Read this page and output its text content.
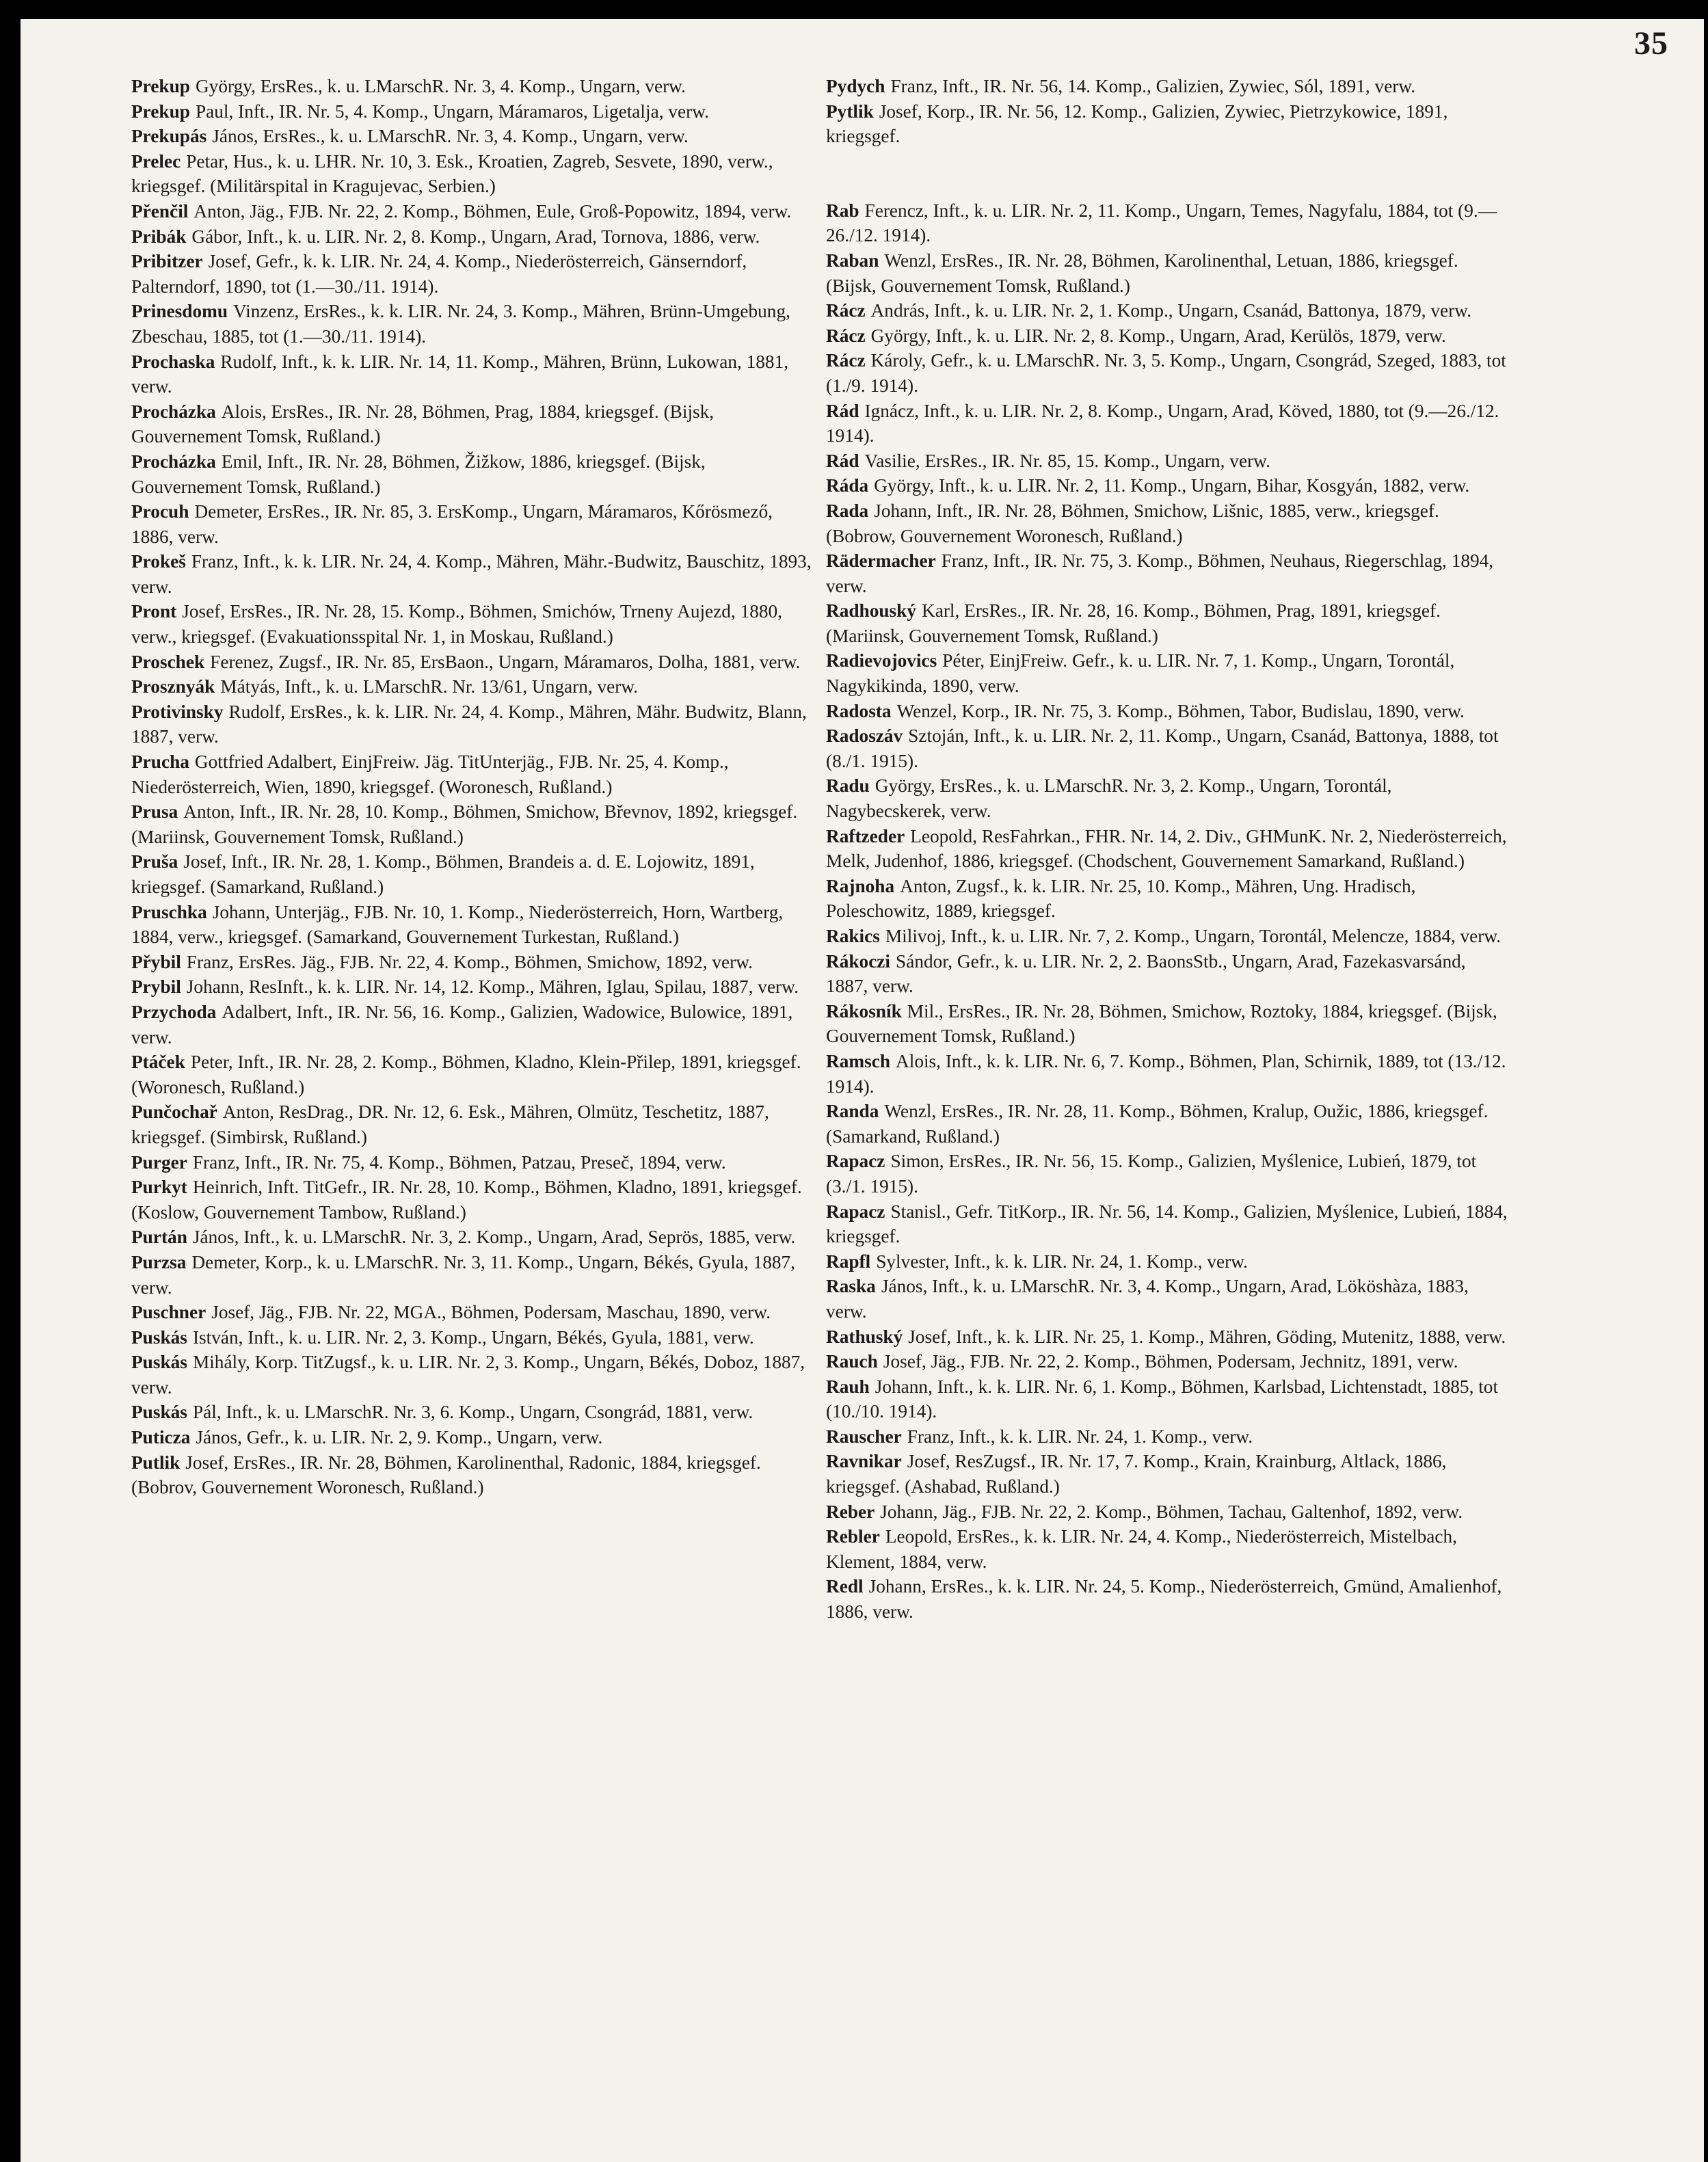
35

Prekup György, ErsRes., k. u. LMarschR. Nr. 3, 4. Komp., Ungarn, verw.

Prekup Paul, Inft., IR. Nr. 5, 4. Komp., Ungarn, Máramaros, Ligetalja, verw.

Prekupás János, ErsRes., k. u. LMarschR. Nr. 3, 4. Komp., Ungarn, verw.

Prelec Petar, Hus., k. u. LHR. Nr. 10, 3. Esk., Kroatien, Zagreb, Sesvete, 1890, verw., kriegsgef. (Militärspital in Kragujevac, Serbien.)

Přenčil Anton, Jäg., FJB. Nr. 22, 2. Komp., Böhmen, Eule, Groß-Popowitz, 1894, verw.

Pribák Gábor, Inft., k. u. LIR. Nr. 2, 8. Komp., Ungarn, Arad, Tornova, 1886, verw.

Pribitzer Josef, Gefr., k. k. LIR. Nr. 24, 4. Komp., Niederösterreich, Gänserndorf, Palterndorf, 1890, tot (1.—30./11. 1914).

Prinesdomu Vinzenz, ErsRes., k. k. LIR. Nr. 24, 3. Komp., Mähren, Brünn-Umgebung, Zbeschau, 1885, tot (1.—30./11. 1914).

Prochaska Rudolf, Inft., k. k. LIR. Nr. 14, 11. Komp., Mähren, Brünn, Lukowan, 1881, verw.

Procházka Alois, ErsRes., IR. Nr. 28, Böhmen, Prag, 1884, kriegsgef. (Bijsk, Gouvernement Tomsk, Rußland.)

Procházka Emil, Inft., IR. Nr. 28, Böhmen, Žižkow, 1886, kriegsgef. (Bijsk, Gouvernement Tomsk, Rußland.)

Procuh Demeter, ErsRes., IR. Nr. 85, 3. ErsKomp., Ungarn, Máramaros, Kőrösmező, 1886, verw.

Prokeš Franz, Inft., k. k. LIR. Nr. 24, 4. Komp., Mähren, Mähr.-Budwitz, Bauschitz, 1893, verw.

Pront Josef, ErsRes., IR. Nr. 28, 15. Komp., Böhmen, Smichów, Trneny Aujezd, 1880, verw., kriegsgef. (Evakuationsspital Nr. 1, in Moskau, Rußland.)

Proschek Ferenez, Zugsf., IR. Nr. 85, ErsBaon., Ungarn, Máramaros, Dolha, 1881, verw.

Prosznyák Mátyás, Inft., k. u. LMarschR. Nr. 13/61, Ungarn, verw.

Protivinsky Rudolf, ErsRes., k. k. LIR. Nr. 24, 4. Komp., Mähren, Mähr. Budwitz, Blann, 1887, verw.

Prucha Gottfried Adalbert, EinjFreiw. Jäg. TitUnterjäg., FJB. Nr. 25, 4. Komp., Niederösterreich, Wien, 1890, kriegsgef. (Woronesch, Rußland.)

Prusa Anton, Inft., IR. Nr. 28, 10. Komp., Böhmen, Smichow, Břevnov, 1892, kriegsgef. (Mariinsk, Gouvernement Tomsk, Rußland.)

Pruša Josef, Inft., IR. Nr. 28, 1. Komp., Böhmen, Brandeis a. d. E. Lojowitz, 1891, kriegsgef. (Samarkand, Rußland.)

Pruschka Johann, Unterjäg., FJB. Nr. 10, 1. Komp., Niederösterreich, Horn, Wartberg, 1884, verw., kriegsgef. (Samarkand, Gouvernement Turkestan, Rußland.)

Přybil Franz, ErsRes. Jäg., FJB. Nr. 22, 4. Komp., Böhmen, Smichow, 1892, verw.

Prybil Johann, ResInft., k. k. LIR. Nr. 14, 12. Komp., Mähren, Iglau, Spilau, 1887, verw.

Przychoda Adalbert, Inft., IR. Nr. 56, 16. Komp., Galizien, Wadowice, Bulowice, 1891, verw.

Ptáček Peter, Inft., IR. Nr. 28, 2. Komp., Böhmen, Kladno, Klein-Přilep, 1891, kriegsgef. (Woronesch, Rußland.)

Punčochař Anton, ResDrag., DR. Nr. 12, 6. Esk., Mähren, Olmütz, Teschetitz, 1887, kriegsgef. (Simbirsk, Rußland.)

Purger Franz, Inft., IR. Nr. 75, 4. Komp., Böhmen, Patzau, Preseč, 1894, verw.

Purkyt Heinrich, Inft. TitGefr., IR. Nr. 28, 10. Komp., Böhmen, Kladno, 1891, kriegsgef. (Koslow, Gouvernement Tambow, Rußland.)

Purtán János, Inft., k. u. LMarschR. Nr. 3, 2. Komp., Ungarn, Arad, Seprös, 1885, verw.

Purzsa Demeter, Korp., k. u. LMarschR. Nr. 3, 11. Komp., Ungarn, Békés, Gyula, 1887, verw.

Puschner Josef, Jäg., FJB. Nr. 22, MGA., Böhmen, Podersam, Maschau, 1890, verw.

Puskás István, Inft., k. u. LIR. Nr. 2, 3. Komp., Ungarn, Békés, Gyula, 1881, verw.

Puskás Mihály, Korp. TitZugsf., k. u. LIR. Nr. 2, 3. Komp., Ungarn, Békés, Doboz, 1887, verw.

Puskás Pál, Inft., k. u. LMarschR. Nr. 3, 6. Komp., Ungarn, Csongrád, 1881, verw.

Puticza János, Gefr., k. u. LIR. Nr. 2, 9. Komp., Ungarn, verw.

Putlik Josef, ErsRes., IR. Nr. 28, Böhmen, Karolinenthal, Radonic, 1884, kriegsgef. (Bobrov, Gouvernement Woronesch, Rußland.)

Pydych Franz, Inft., IR. Nr. 56, 14. Komp., Galizien, Zywiec, Sól, 1891, verw.

Pytlik Josef, Korp., IR. Nr. 56, 12. Komp., Galizien, Zywiec, Pietrzykowice, 1891, kriegsgef.

Rab Ferencz, Inft., k. u. LIR. Nr. 2, 11. Komp., Ungarn, Temes, Nagyfalu, 1884, tot (9.—26./12. 1914).

Raban Wenzl, ErsRes., IR. Nr. 28, Böhmen, Karolinenthal, Letuan, 1886, kriegsgef. (Bijsk, Gouvernement Tomsk, Rußland.)

Rácz András, Inft., k. u. LIR. Nr. 2, 1. Komp., Ungarn, Csanád, Battonya, 1879, verw.

Rácz György, Inft., k. u. LIR. Nr. 2, 8. Komp., Ungarn, Arad, Kerülös, 1879, verw.

Rácz Károly, Gefr., k. u. LMarschR. Nr. 3, 5. Komp., Ungarn, Csongrád, Szeged, 1883, tot (1./9. 1914).

Rád Ignácz, Inft., k. u. LIR. Nr. 2, 8. Komp., Ungarn, Arad, Köved, 1880, tot (9.—26./12. 1914).

Rád Vasilie, ErsRes., IR. Nr. 85, 15. Komp., Ungarn, verw.

Ráda György, Inft., k. u. LIR. Nr. 2, 11. Komp., Ungarn, Bihar, Kosgyán, 1882, verw.

Rada Johann, Inft., IR. Nr. 28, Böhmen, Smichow, Lišnic, 1885, verw., kriegsgef. (Bobrow, Gouvernement Woronesch, Rußland.)

Rädermacher Franz, Inft., IR. Nr. 75, 3. Komp., Böhmen, Neuhaus, Riegerschlag, 1894, verw.

Radhouský Karl, ErsRes., IR. Nr. 28, 16. Komp., Böhmen, Prag, 1891, kriegsgef. (Mariinsk, Gouvernement Tomsk, Rußland.)

Radievojovics Péter, EinjFreiw. Gefr., k. u. LIR. Nr. 7, 1. Komp., Ungarn, Torontál, Nagykikinda, 1890, verw.

Radosta Wenzel, Korp., IR. Nr. 75, 3. Komp., Böhmen, Tabor, Budislau, 1890, verw.

Radoszáv Sztoján, Inft., k. u. LIR. Nr. 2, 11. Komp., Ungarn, Csanád, Battonya, 1888, tot (8./1. 1915).

Radu György, ErsRes., k. u. LMarschR. Nr. 3, 2. Komp., Ungarn, Torontál, Nagybecskerek, verw.

Raftzeder Leopold, ResFahrkan., FHR. Nr. 14, 2. Div., GHMunK. Nr. 2, Niederösterreich, Melk, Judenhof, 1886, kriegsgef. (Chodschent, Gouvernement Samarkand, Rußland.)

Rajnoha Anton, Zugsf., k. k. LIR. Nr. 25, 10. Komp., Mähren, Ung. Hradisch, Poleschowitz, 1889, kriegsgef.

Rakics Milivoj, Inft., k. u. LIR. Nr. 7, 2. Komp., Ungarn, Torontál, Melencze, 1884, verw.

Rákoczi Sándor, Gefr., k. u. LIR. Nr. 2, 2. BaonsStb., Ungarn, Arad, Fazekasvarsánd, 1887, verw.

Rákosník Mil., ErsRes., IR. Nr. 28, Böhmen, Smichow, Roztoky, 1884, kriegsgef. (Bijsk, Gouvernement Tomsk, Rußland.)

Ramsch Alois, Inft., k. k. LIR. Nr. 6, 7. Komp., Böhmen, Plan, Schirnik, 1889, tot (13./12. 1914).

Randa Wenzl, ErsRes., IR. Nr. 28, 11. Komp., Böhmen, Kralup, Oužic, 1886, kriegsgef. (Samarkand, Rußland.)

Rapacz Simon, ErsRes., IR. Nr. 56, 15. Komp., Galizien, Myślenice, Lubień, 1879, tot (3./1. 1915).

Rapacz Stanisl., Gefr. TitKorp., IR. Nr. 56, 14. Komp., Galizien, Myślenice, Lubień, 1884, kriegsgef.

Rapfl Sylvester, Inft., k. k. LIR. Nr. 24, 1. Komp., verw.

Raska János, Inft., k. u. LMarschR. Nr. 3, 4. Komp., Ungarn, Arad, Lököshàza, 1883, verw.

Rathuský Josef, Inft., k. k. LIR. Nr. 25, 1. Komp., Mähren, Göding, Mutenitz, 1888, verw.

Rauch Josef, Jäg., FJB. Nr. 22, 2. Komp., Böhmen, Podersam, Jechnitz, 1891, verw.

Rauh Johann, Inft., k. k. LIR. Nr. 6, 1. Komp., Böhmen, Karlsbad, Lichtenstadt, 1885, tot (10./10. 1914).

Rauscher Franz, Inft., k. k. LIR. Nr. 24, 1. Komp., verw.

Ravnikar Josef, ResZugsf., IR. Nr. 17, 7. Komp., Krain, Krainburg, Altlack, 1886, kriegsgef. (Ashabad, Rußland.)

Reber Johann, Jäg., FJB. Nr. 22, 2. Komp., Böhmen, Tachau, Galtenhof, 1892, verw.

Rebler Leopold, ErsRes., k. k. LIR. Nr. 24, 4. Komp., Niederösterreich, Mistelbach, Klement, 1884, verw.

Redl Johann, ErsRes., k. k. LIR. Nr. 24, 5. Komp., Niederösterreich, Gmünd, Amalienhof, 1886, verw.
